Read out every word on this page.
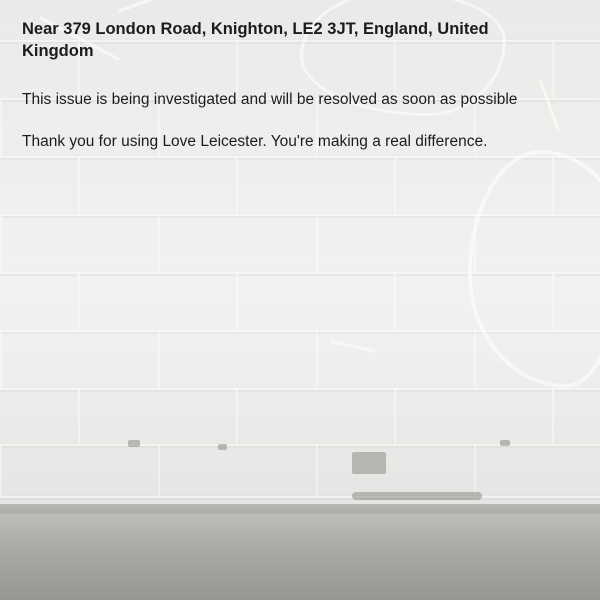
Near 379 London Road, Knighton, LE2 3JT, England, United Kingdom

This issue is being investigated and will be resolved as soon as possible

Thank you for using Love Leicester. You're making a real difference.
